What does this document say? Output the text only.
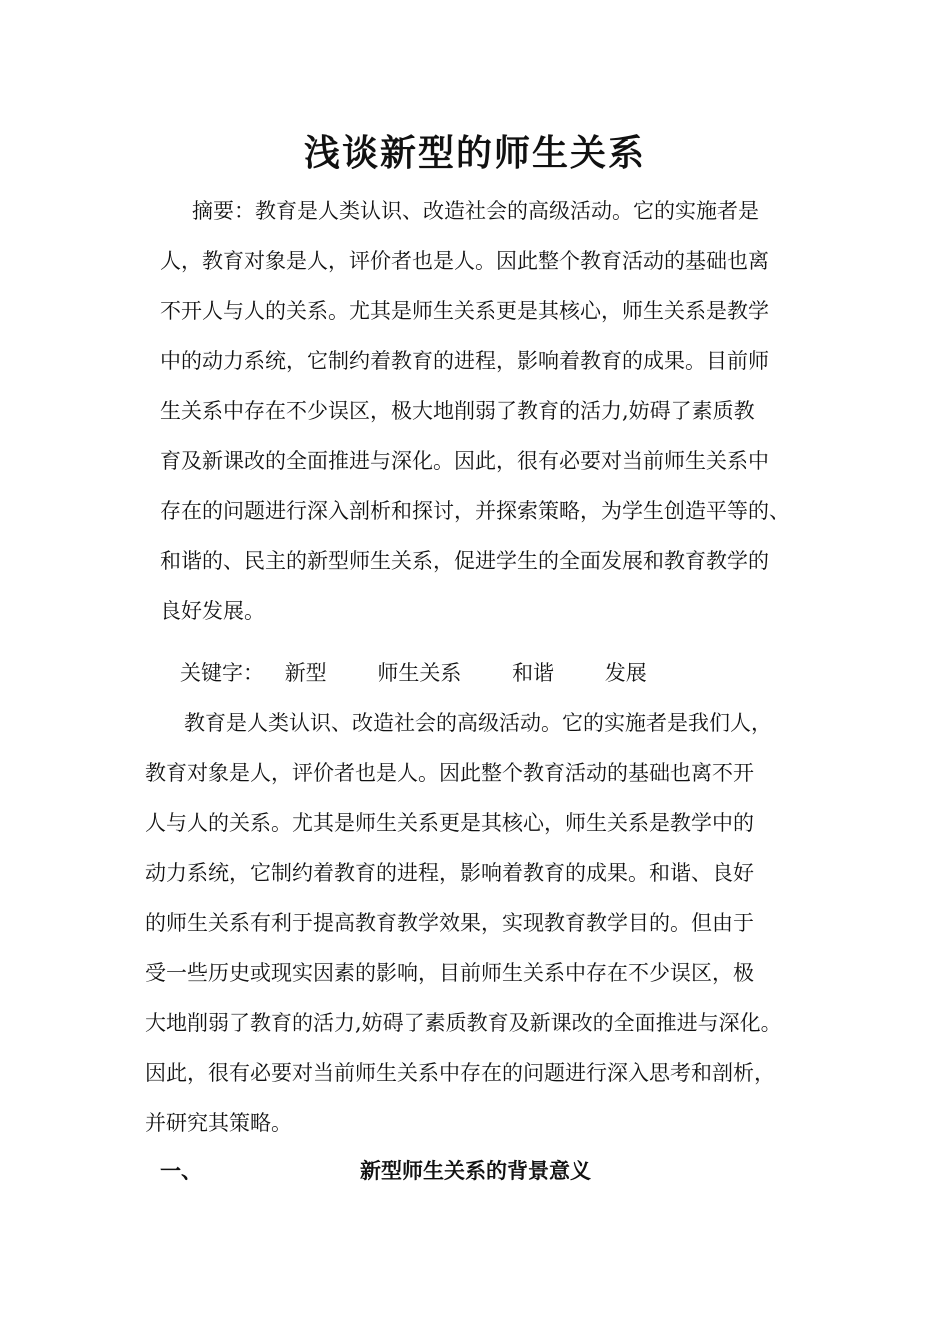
浅谈新型的师生关系

摘要：教育是人类认识、改造社会的高级活动。它的实施者是

人，教育对象是人，评价者也是人。因此整个教育活动的基础也离

不开人与人的关系。尤其是师生关系更是其核心，师生关系是教学

中的动力系统，它制约着教育的进程，影响着教育的成果。目前师

生关系中存在不少误区，极大地削弱了教育的活力,妨碍了素质教

育及新课改的全面推进与深化。因此，很有必要对当前师生关系中

存在的问题进行深入剖析和探讨，并探索策略，为学生创造平等的、

和谐的、民主的新型师生关系，促进学生的全面发展和教育教学的

良好发展。

关键字： 新型 师生关系 和谐 发展

教育是人类认识、改造社会的高级活动。它的实施者是我们人，

教育对象是人，评价者也是人。因此整个教育活动的基础也离不开

人与人的关系。尤其是师生关系更是其核心，师生关系是教学中的

动力系统，它制约着教育的进程，影响着教育的成果。和谐、良好

的师生关系有利于提高教育教学效果，实现教育教学目的。但由于

受一些历史或现实因素的影响，目前师生关系中存在不少误区，极

大地削弱了教育的活力,妨碍了素质教育及新课改的全面推进与深化。

因此，很有必要对当前师生关系中存在的问题进行深入思考和剖析，

并研究其策略。

一、	新型师生关系的背景意义
